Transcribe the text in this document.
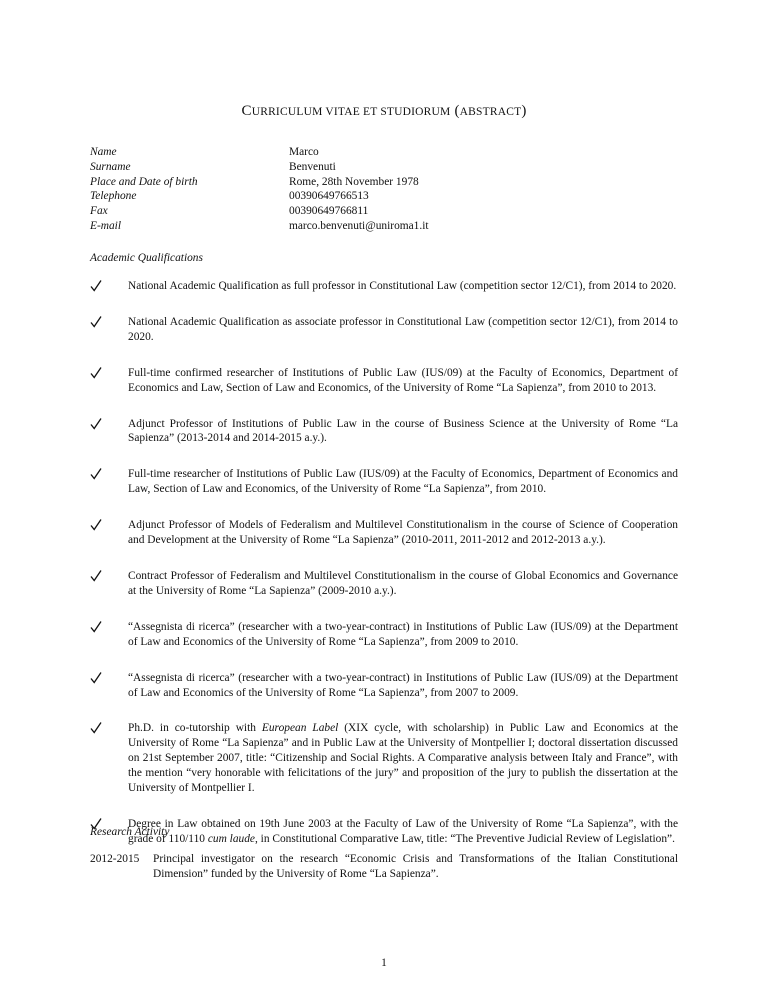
CURRICULUM VITAE ET STUDIORUM (ABSTRACT)
Name	Marco
Surname	Benvenuti
Place and Date of birth	Rome, 28th November 1978
Telephone	00390649766513
Fax	00390649766811
E-mail	marco.benvenuti@uniroma1.it
Academic Qualifications
National Academic Qualification as full professor in Constitutional Law (competition sector 12/C1), from 2014 to 2020.
National Academic Qualification as associate professor in Constitutional Law (competition sector 12/C1), from 2014 to 2020.
Full-time confirmed researcher of Institutions of Public Law (IUS/09) at the Faculty of Economics, Department of Economics and Law, Section of Law and Economics, of the University of Rome “La Sapienza”, from 2010 to 2013.
Adjunct Professor of Institutions of Public Law in the course of Business Science at the University of Rome “La Sapienza” (2013-2014 and 2014-2015 a.y.).
Full-time researcher of Institutions of Public Law (IUS/09) at the Faculty of Economics, Department of Economics and Law, Section of Law and Economics, of the University of Rome “La Sapienza”, from 2010.
Adjunct Professor of Models of Federalism and Multilevel Constitutionalism in the course of Science of Cooperation and Development at the University of Rome “La Sapienza” (2010-2011, 2011-2012 and 2012-2013 a.y.).
Contract Professor of Federalism and Multilevel Constitutionalism in the course of Global Economics and Governance at the University of Rome “La Sapienza” (2009-2010 a.y.).
“Assegnista di ricerca” (researcher with a two-year-contract) in Institutions of Public Law (IUS/09) at the Department of Law and Economics of the University of Rome “La Sapienza”, from 2009 to 2010.
“Assegnista di ricerca” (researcher with a two-year-contract) in Institutions of Public Law (IUS/09) at the Department of Law and Economics of the University of Rome “La Sapienza”, from 2007 to 2009.
Ph.D. in co-tutorship with European Label (XIX cycle, with scholarship) in Public Law and Economics at the University of Rome “La Sapienza” and in Public Law at the University of Montpellier I; doctoral dissertation discussed on 21st September 2007, title: “Citizenship and Social Rights. A Comparative analysis between Italy and France”, with the mention “very honorable with felicitations of the jury” and proposition of the jury to publish the dissertation at the University of Montpellier I.
Degree in Law obtained on 19th June 2003 at the Faculty of Law of the University of Rome “La Sapienza”, with the grade of 110/110 cum laude, in Constitutional Comparative Law, title: “The Preventive Judicial Review of Legislation”.
Research Activity
2012-2015 Principal investigator on the research “Economic Crisis and Transformations of the Italian Constitutional Dimension” funded by the University of Rome “La Sapienza”.
1
